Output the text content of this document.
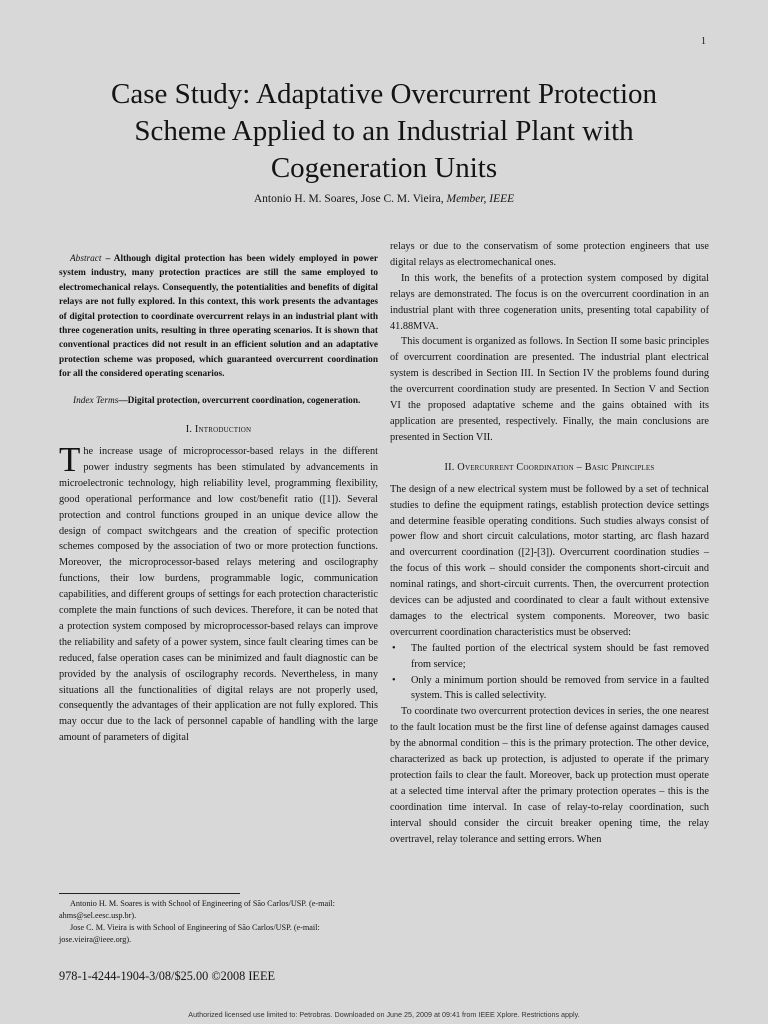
1
Case Study: Adaptative Overcurrent Protection
Scheme Applied to an Industrial Plant with
Cogeneration Units
Antonio H. M. Soares, Jose C. M. Vieira, Member, IEEE

Abstract – Although digital protection has been widely employed in power system industry, many protection practices are still the same employed to electromechanical relays. Consequently, the potentialities and benefits of digital relays are not fully explored. In this context, this work presents the advantages of digital protection to coordinate overcurrent relays in an industrial plant with three cogeneration units, resulting in three operating scenarios. It is shown that conventional practices did not result in an efficient solution and an adaptative protection scheme was proposed, which guaranteed overcurrent coordination for all the considered operating scenarios.

Index Terms—Digital protection, overcurrent coordination, cogeneration.

I. Introduction

The increase usage of microprocessor-based relays in the different power industry segments has been stimulated by advancements in microelectronic technology, high reliability level, programming flexibility, good operational performance and low cost/benefit ratio ([1]). Several protection and control functions grouped in an unique device allow the design of compact switchgears and the creation of specific protection schemes composed by the association of two or more protection functions. Moreover, the microprocessor-based relays metering and oscilography functions, their low burdens, programmable logic, communication capabilities, and different groups of settings for each protection characteristic complete the main functions of such devices. Therefore, it can be noted that a protection system composed by microprocessor-based relays can improve the reliability and safety of a power system, since fault clearing times can be reduced, false operation cases can be minimized and fault diagnostic can be provided by the analysis of oscilography records. Nevertheless, in many situations all the functionalities of digital relays are not properly used, consequently the advantages of their application are not fully explored. This may occur due to the lack of personnel capable of handling with the large amount of parameters of digital

relays or due to the conservatism of some protection engineers that use digital relays as electromechanical ones.

In this work, the benefits of a protection system composed by digital relays are demonstrated. The focus is on the overcurrent coordination in an industrial plant with three cogeneration units, presenting total capability of 41.88MVA.

This document is organized as follows. In Section II some basic principles of overcurrent coordination are presented. The industrial plant electrical system is described in Section III. In Section IV the problems found during the overcurrent coordination study are presented. In Section V and Section VI the proposed adaptative scheme and the gains obtained with its application are presented, respectively. Finally, the main conclusions are presented in Section VII.

II. Overcurrent Coordination – Basic Principles

The design of a new electrical system must be followed by a set of technical studies to define the equipment ratings, establish protection device settings and determine feasible operating conditions. Such studies always consist of power flow and short circuit calculations, motor starting, arc flash hazard and overcurrent coordination ([2]-[3]). Overcurrent coordination studies – the focus of this work – should consider the components short-circuit and nominal ratings, and short-circuit currents. Then, the overcurrent protection devices can be adjusted and coordinated to clear a fault without extensive damages to the electrical system components. Moreover, two basic overcurrent coordination characteristics must be observed:

• The faulted portion of the electrical system should be fast removed from service;
• Only a minimum portion should be removed from service in a faulted system. This is called selectivity.

To coordinate two overcurrent protection devices in series, the one nearest to the fault location must be the first line of defense against damages caused by the abnormal condition – this is the primary protection. The other device, characterized as back up protection, is adjusted to operate if the primary protection fails to clear the fault. Moreover, back up protection must operate at a selected time interval after the primary protection operates – this is the coordination time interval. In case of relay-to-relay coordination, such interval should consider the circuit breaker opening time, the relay overtravel, relay tolerance and setting errors. When

Antonio H. M. Soares is with School of Engineering of São Carlos/USP. (e-mail: ahms@sel.eesc.usp.br).

Jose C. M. Vieira is with School of Engineering of São Carlos/USP. (e-mail: jose.vieira@ieee.org).

978-1-4244-1904-3/08/$25.00 ©2008 IEEE
Authorized licensed use limited to: Petrobras. Downloaded on June 25, 2009 at 09:41 from IEEE Xplore. Restrictions apply.
